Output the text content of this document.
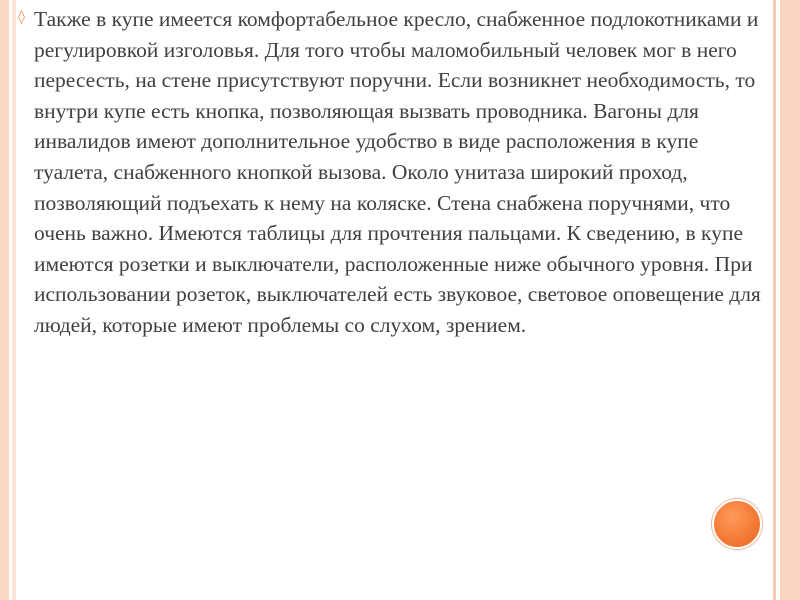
◊ Также в купе имеется комфортабельное кресло, снабженное подлокотниками и регулировкой изголовья. Для того чтобы маломобильный человек мог в него пересесть, на стене присутствуют поручни. Если возникнет необходимость, то внутри купе есть кнопка, позволяющая вызвать проводника. Вагоны для инвалидов имеют дополнительное удобство в виде расположения в купе туалета, снабженного кнопкой вызова. Около унитаза широкий проход, позволяющий подъехать к нему на коляске. Стена снабжена поручнями, что очень важно. Имеются таблицы для прочтения пальцами. К сведению, в купе имеются розетки и выключатели, расположенные ниже обычного уровня. При использовании розеток, выключателей есть звуковое, световое оповещение для людей, которые имеют проблемы со слухом, зрением.
